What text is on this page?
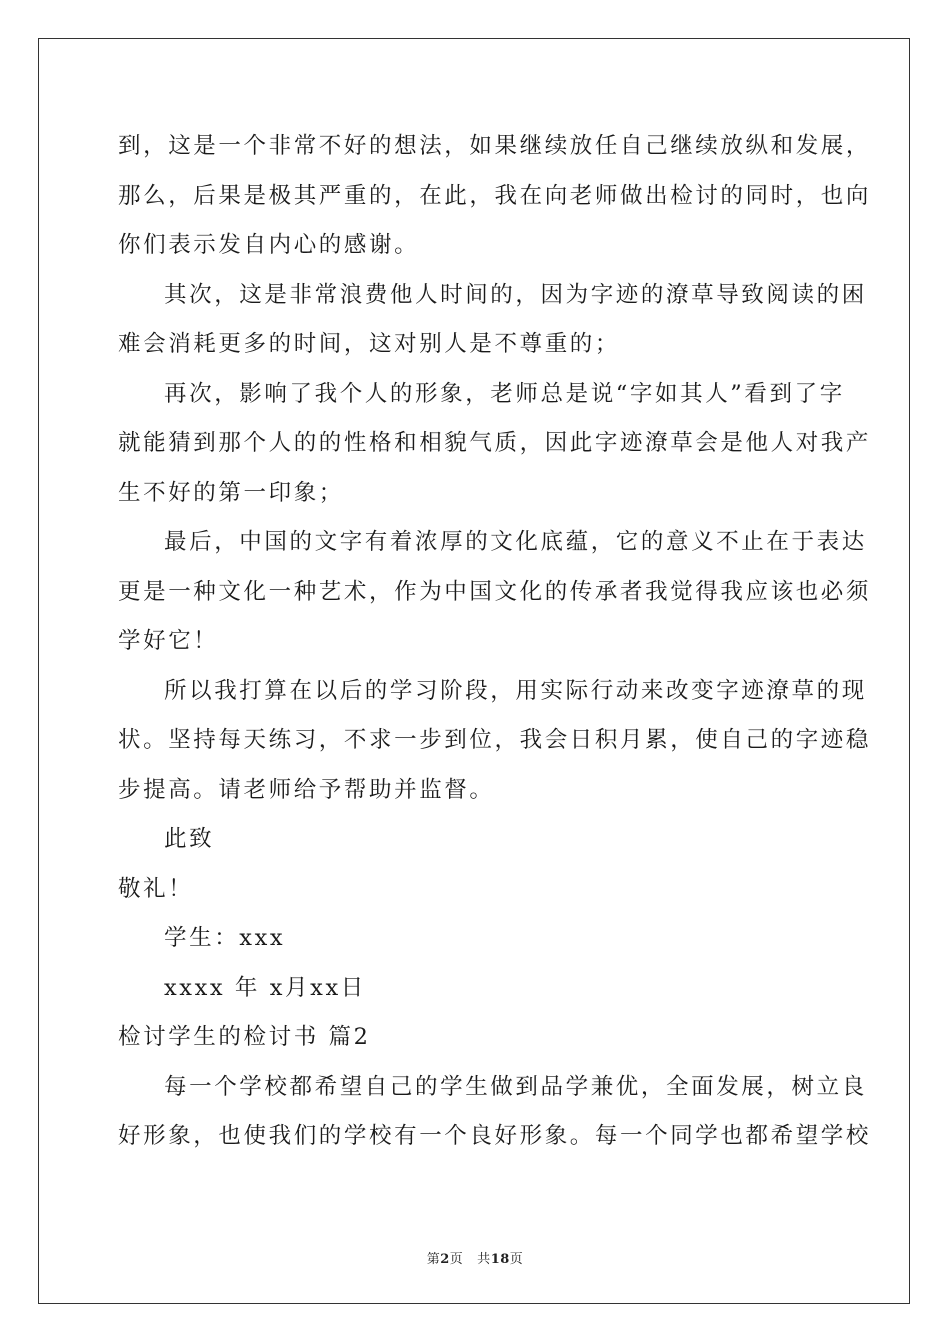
到，这是一个非常不好的想法，如果继续放任自己继续放纵和发展，
那么，后果是极其严重的，在此，我在向老师做出检讨的同时，也向
你们表示发自内心的感谢。
其次，这是非常浪费他人时间的，因为字迹的潦草导致阅读的困
难会消耗更多的时间，这对别人是不尊重的；
再次，影响了我个人的形象，老师总是说“字如其人”看到了字
就能猜到那个人的的性格和相貌气质，因此字迹潦草会是他人对我产
生不好的第一印象；
最后，中国的文字有着浓厚的文化底蕴，它的意义不止在于表达
更是一种文化一种艺术，作为中国文化的传承者我觉得我应该也必须
学好它！
所以我打算在以后的学习阶段，用实际行动来改变字迹潦草的现
状。坚持每天练习，不求一步到位，我会日积月累，使自己的字迹稳
步提高。请老师给予帮助并监督。
此致
敬礼！
学生：xxx
xxxx 年 x月xx日
检讨学生的检讨书 篇2
每一个学校都希望自己的学生做到品学兼优，全面发展，树立良
好形象，也使我们的学校有一个良好形象。每一个同学也都希望学校
第2页 共18页
